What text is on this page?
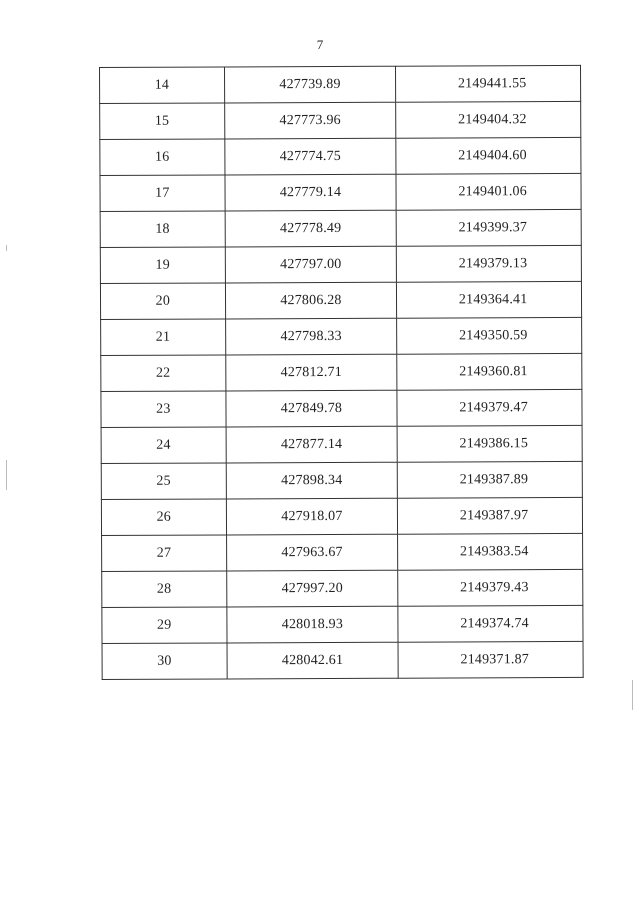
7
14	427739.89	2149441.55
15	427773.96	2149404.32
16	427774.75	2149404.60
17	427779.14	2149401.06
18	427778.49	2149399.37
19	427797.00	2149379.13
20	427806.28	2149364.41
21	427798.33	2149350.59
22	427812.71	2149360.81
23	427849.78	2149379.47
24	427877.14	2149386.15
25	427898.34	2149387.89
26	427918.07	2149387.97
27	427963.67	2149383.54
28	427997.20	2149379.43
29	428018.93	2149374.74
30	428042.61	2149371.87
